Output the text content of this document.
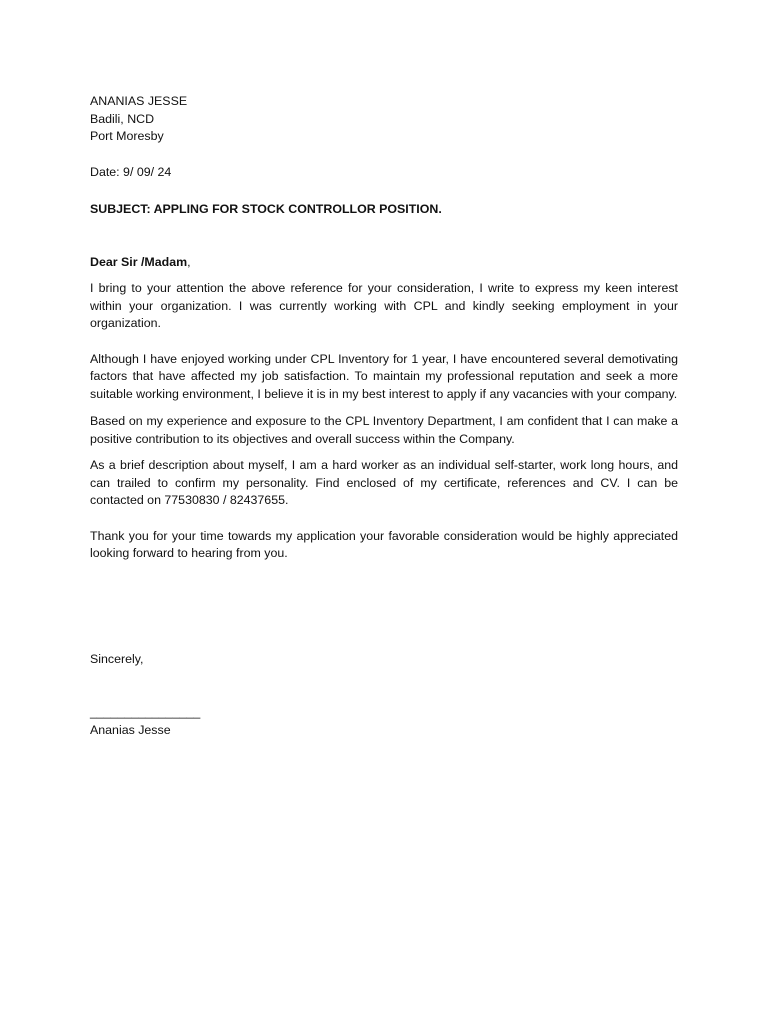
ANANIAS JESSE
Badili, NCD
Port Moresby
Date: 9/ 09/ 24
SUBJECT: APPLING FOR STOCK CONTROLLOR POSITION.
Dear Sir /Madam,

I bring to your attention the above reference for your consideration, I write to express my keen interest within your organization. I was currently working with CPL and kindly seeking employment in your organization.

Although I have enjoyed working under CPL Inventory for 1 year, I have encountered several demotivating factors that have affected my job satisfaction. To maintain my professional reputation and seek a more suitable working environment, I believe it is in my best interest to apply if any vacancies with your company.

Based on my experience and exposure to the CPL Inventory Department, I am confident that I can make a positive contribution to its objectives and overall success within the Company.

As a brief description about myself, I am a hard worker as an individual self-starter, work long hours, and can trailed to confirm my personality. Find enclosed of my certificate, references and CV. I can be contacted on 77530830 / 82437655.

Thank you for your time towards my application your favorable consideration would be highly appreciated looking forward to hearing from you.

Sincerely,
________________
Ananias Jesse
